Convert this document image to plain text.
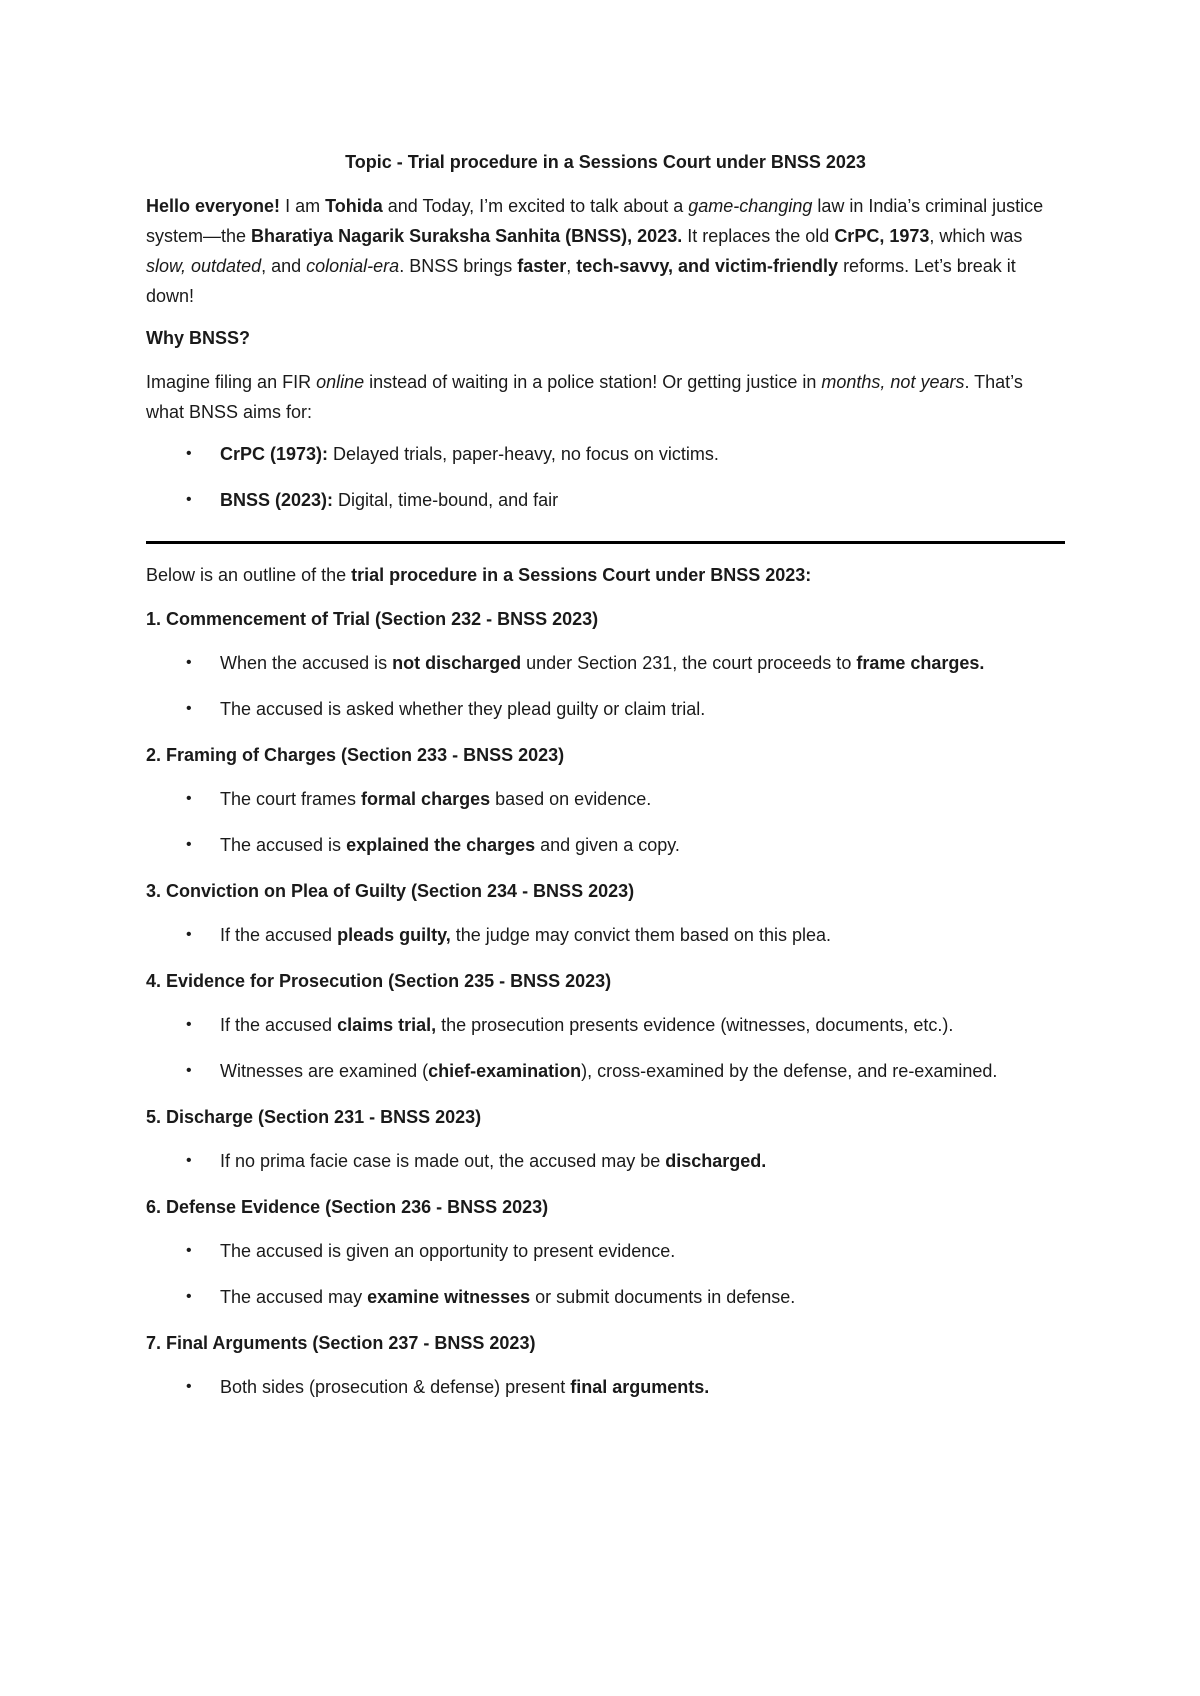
Topic - Trial procedure in a Sessions Court under BNSS 2023

Hello everyone! I am Tohida and Today, I’m excited to talk about a game-changing law in India’s criminal justice system—the Bharatiya Nagarik Suraksha Sanhita (BNSS), 2023. It replaces the old CrPC, 1973, which was slow, outdated, and colonial-era. BNSS brings faster, tech-savvy, and victim-friendly reforms. Let’s break it down!

Why BNSS?

Imagine filing an FIR online instead of waiting in a police station! Or getting justice in months, not years. That’s what BNSS aims for:

• CrPC (1973): Delayed trials, paper-heavy, no focus on victims.
• BNSS (2023): Digital, time-bound, and fair

Below is an outline of the trial procedure in a Sessions Court under BNSS 2023:

1. Commencement of Trial (Section 232 - BNSS 2023)

• When the accused is not discharged under Section 231, the court proceeds to frame charges.
• The accused is asked whether they plead guilty or claim trial.

2. Framing of Charges (Section 233 - BNSS 2023)

• The court frames formal charges based on evidence.
• The accused is explained the charges and given a copy.

3. Conviction on Plea of Guilty (Section 234 - BNSS 2023)

• If the accused pleads guilty, the judge may convict them based on this plea.

4. Evidence for Prosecution (Section 235 - BNSS 2023)

• If the accused claims trial, the prosecution presents evidence (witnesses, documents, etc.).
• Witnesses are examined (chief-examination), cross-examined by the defense, and re-examined.

5. Discharge (Section 231 - BNSS 2023)

• If no prima facie case is made out, the accused may be discharged.

6. Defense Evidence (Section 236 - BNSS 2023)

• The accused is given an opportunity to present evidence.
• The accused may examine witnesses or submit documents in defense.

7. Final Arguments (Section 237 - BNSS 2023)

• Both sides (prosecution & defense) present final arguments.
